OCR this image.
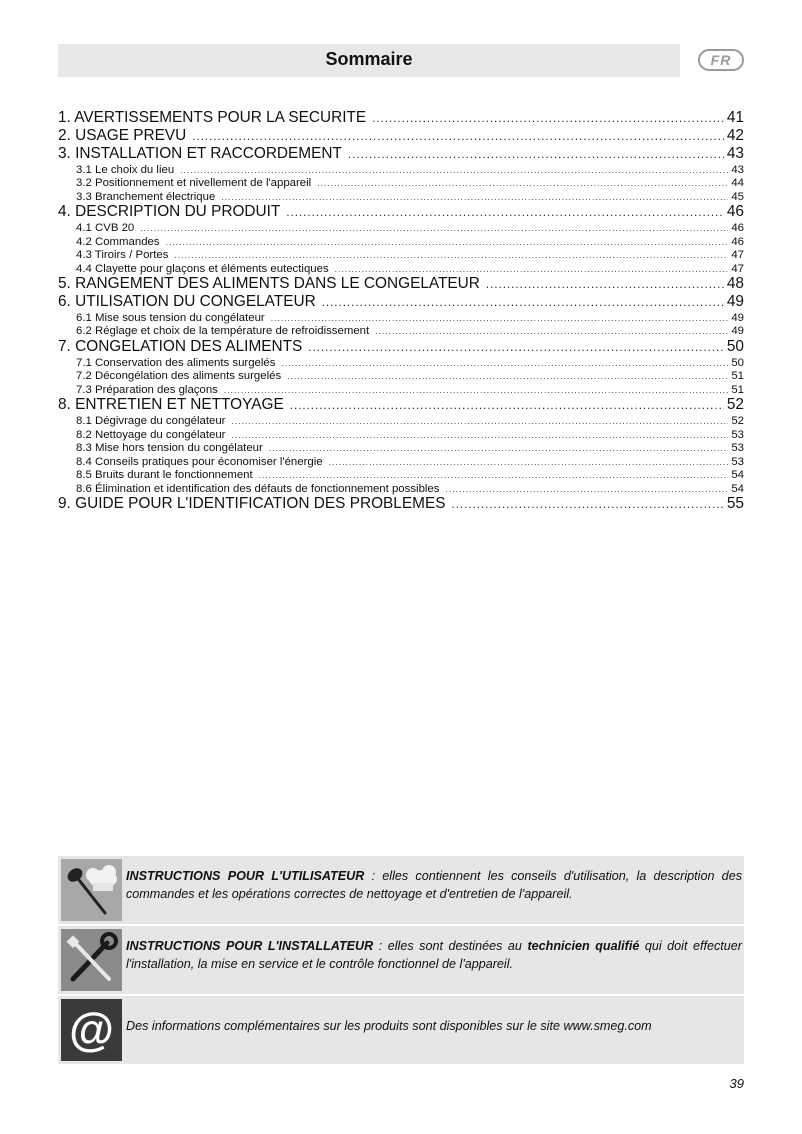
Sommaire	FR
1. AVERTISSEMENTS POUR LA SECURITE .....	41
2. USAGE PREVU .....	42
3. INSTALLATION ET RACCORDEMENT .....	43
3.1 Le choix du lieu .....	43
3.2 Positionnement et nivellement de l'appareil .....	44
3.3 Branchement électrique .....	45
4. DESCRIPTION DU PRODUIT .....	46
4.1 CVB 20 .....	46
4.2 Commandes .....	46
4.3 Tiroirs / Portes .....	47
4.4 Clayette pour glaçons et éléments eutectiques .....	47
5. RANGEMENT DES ALIMENTS DANS LE CONGELATEUR .....	48
6. UTILISATION DU CONGELATEUR .....	49
6.1 Mise sous tension du congélateur .....	49
6.2 Réglage et choix de la température de refroidissement .....	49
7. CONGELATION DES ALIMENTS .....	50
7.1 Conservation des aliments surgelés .....	50
7.2 Décongélation des aliments surgelés .....	51
7.3 Préparation des glaçons .....	51
8. ENTRETIEN ET NETTOYAGE .....	52
8.1 Dégivrage du congélateur .....	52
8.2 Nettoyage du congélateur .....	53
8.3 Mise hors tension du congélateur .....	53
8.4 Conseils pratiques pour économiser l'énergie .....	53
8.5 Bruits durant le fonctionnement .....	54
8.6 Élimination et identification des défauts de fonctionnement possibles .....	54
9. GUIDE POUR L'IDENTIFICATION DES PROBLEMES .....	55
INSTRUCTIONS POUR L'UTILISATEUR : elles contiennent les conseils d'utilisation, la description des commandes et les opérations correctes de nettoyage et d'entretien de l'appareil.
INSTRUCTIONS POUR L'INSTALLATEUR : elles sont destinées au technicien qualifié qui doit effectuer l'installation, la mise en service et le contrôle fonctionnel de l'appareil.
@ Des informations complémentaires sur les produits sont disponibles sur le site www.smeg.com
39
